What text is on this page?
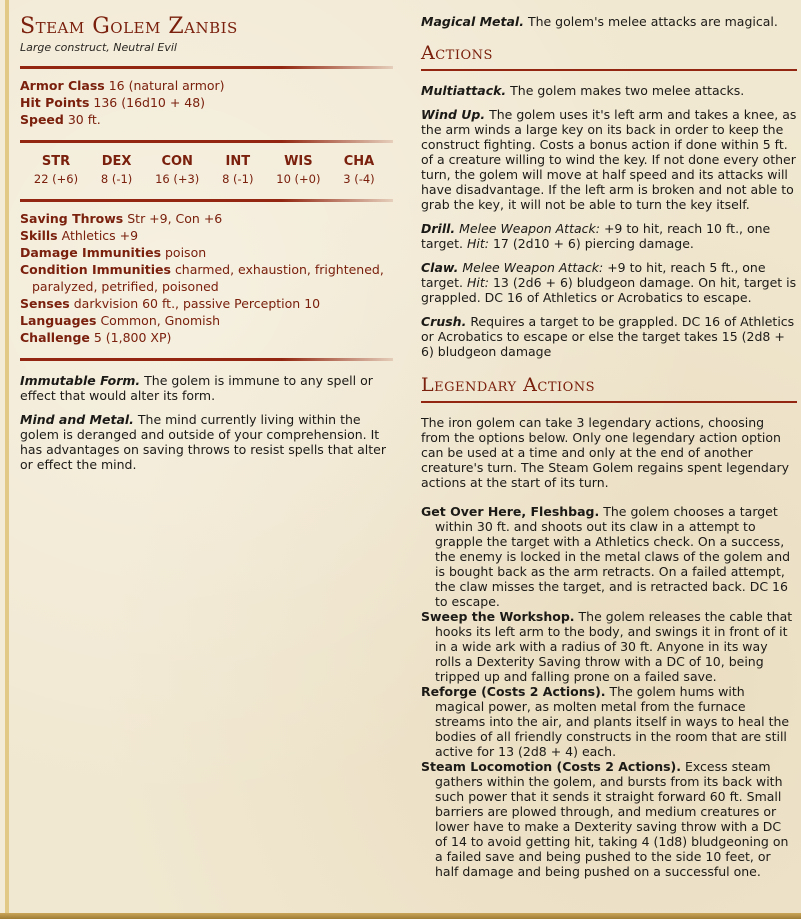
Steam Golem Zanbis
Large construct, Neutral Evil
Armor Class 16 (natural armor)
Hit Points 136 (16d10 + 48)
Speed 30 ft.
STR
22 (+6)
DEX
8 (-1)
CON
16 (+3)
INT
8 (-1)
WIS
10 (+0)
CHA
3 (-4)
Saving Throws Str +9, Con +6
Skills Athletics +9
Damage Immunities poison
Condition Immunities charmed, exhaustion, frightened, paralyzed, petrified, poisoned
Senses darkvision 60 ft., passive Perception 10
Languages Common, Gnomish
Challenge 5 (1,800 XP)
Immutable Form. The golem is immune to any spell or effect that would alter its form.
Mind and Metal. The mind currently living within the golem is deranged and outside of your comprehension. It has advantages on saving throws to resist spells that alter or effect the mind.
Magical Metal. The golem's melee attacks are magical.
Actions
Multiattack. The golem makes two melee attacks.
Wind Up. The golem uses it's left arm and takes a knee, as the arm winds a large key on its back in order to keep the construct fighting. Costs a bonus action if done within 5 ft. of a creature willing to wind the key. If not done every other turn, the golem will move at half speed and its attacks will have disadvantage. If the left arm is broken and not able to grab the key, it will not be able to turn the key itself.
Drill. Melee Weapon Attack: +9 to hit, reach 10 ft., one target. Hit: 17 (2d10 + 6) piercing damage.
Claw. Melee Weapon Attack: +9 to hit, reach 5 ft., one target. Hit: 13 (2d6 + 6) bludgeon damage. On hit, target is grappled. DC 16 of Athletics or Acrobatics to escape.
Crush. Requires a target to be grappled. DC 16 of Athletics or Acrobatics to escape or else the target takes 15 (2d8 + 6) bludgeon damage
Legendary Actions
The iron golem can take 3 legendary actions, choosing from the options below. Only one legendary action option can be used at a time and only at the end of another creature's turn. The Steam Golem regains spent legendary actions at the start of its turn.
Get Over Here, Fleshbag. The golem chooses a target within 30 ft. and shoots out its claw in a attempt to grapple the target with a Athletics check. On a success, the enemy is locked in the metal claws of the golem and is bought back as the arm retracts. On a failed attempt, the claw misses the target, and is retracted back. DC 16 to escape.
Sweep the Workshop. The golem releases the cable that hooks its left arm to the body, and swings it in front of it in a wide ark with a radius of 30 ft. Anyone in its way rolls a Dexterity Saving throw with a DC of 10, being tripped up and falling prone on a failed save.
Reforge (Costs 2 Actions). The golem hums with magical power, as molten metal from the furnace streams into the air, and plants itself in ways to heal the bodies of all friendly constructs in the room that are still active for 13 (2d8 + 4) each.
Steam Locomotion (Costs 2 Actions). Excess steam gathers within the golem, and bursts from its back with such power that it sends it straight forward 60 ft. Small barriers are plowed through, and medium creatures or lower have to make a Dexterity saving throw with a DC of 14 to avoid getting hit, taking 4 (1d8) bludgeoning on a failed save and being pushed to the side 10 feet, or half damage and being pushed on a successful one.
